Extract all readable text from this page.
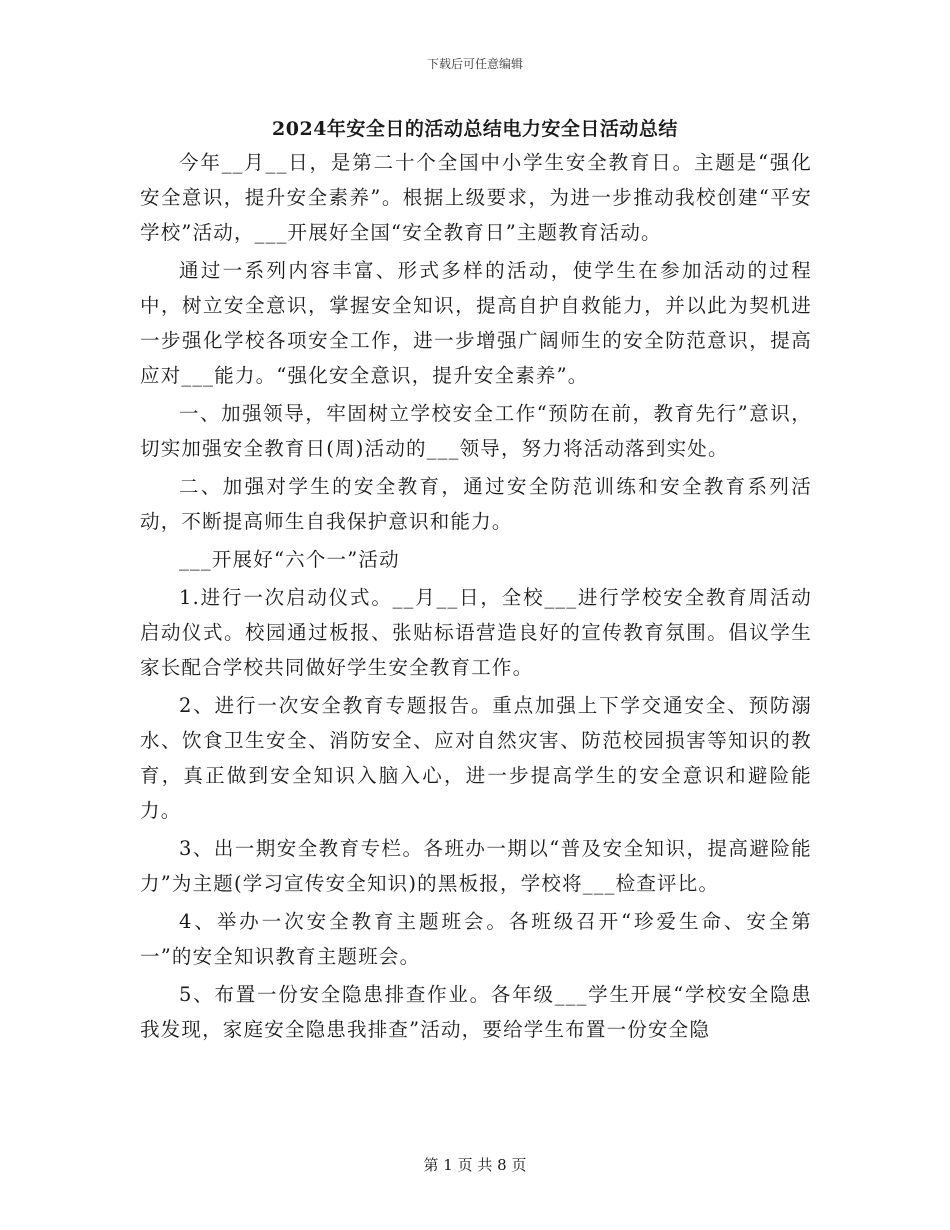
下载后可任意编辑
2024年安全日的活动总结电力安全日活动总结

今年__月__日，是第二十个全国中小学生安全教育日。主题是“强化安全意识，提升安全素养”。根据上级要求，为进一步推动我校创建“平安学校”活动，___开展好全国“安全教育日”主题教育活动。

通过一系列内容丰富、形式多样的活动，使学生在参加活动的过程中，树立安全意识，掌握安全知识，提高自护自救能力，并以此为契机进一步强化学校各项安全工作，进一步增强广阔师生的安全防范意识，提高应对___能力。“强化安全意识，提升安全素养”。

一、加强领导，牢固树立学校安全工作“预防在前，教育先行”意识，切实加强安全教育日(周)活动的___领导，努力将活动落到实处。

二、加强对学生的安全教育，通过安全防范训练和安全教育系列活动，不断提高师生自我保护意识和能力。

___开展好“六个一”活动

1.进行一次启动仪式。__月__日，全校___进行学校安全教育周活动启动仪式。校园通过板报、张贴标语营造良好的宣传教育氛围。倡议学生家长配合学校共同做好学生安全教育工作。

2、进行一次安全教育专题报告。重点加强上下学交通安全、预防溺水、饮食卫生安全、消防安全、应对自然灾害、防范校园损害等知识的教育，真正做到安全知识入脑入心，进一步提高学生的安全意识和避险能力。

3、出一期安全教育专栏。各班办一期以“普及安全知识，提高避险能力”为主题(学习宣传安全知识)的黑板报，学校将___检查评比。

4、举办一次安全教育主题班会。各班级召开“珍爱生命、安全第一”的安全知识教育主题班会。

5、布置一份安全隐患排查作业。各年级___学生开展“学校安全隐患我发现，家庭安全隐患我排查”活动，要给学生布置一份安全隐

第 1 页 共 8 页
